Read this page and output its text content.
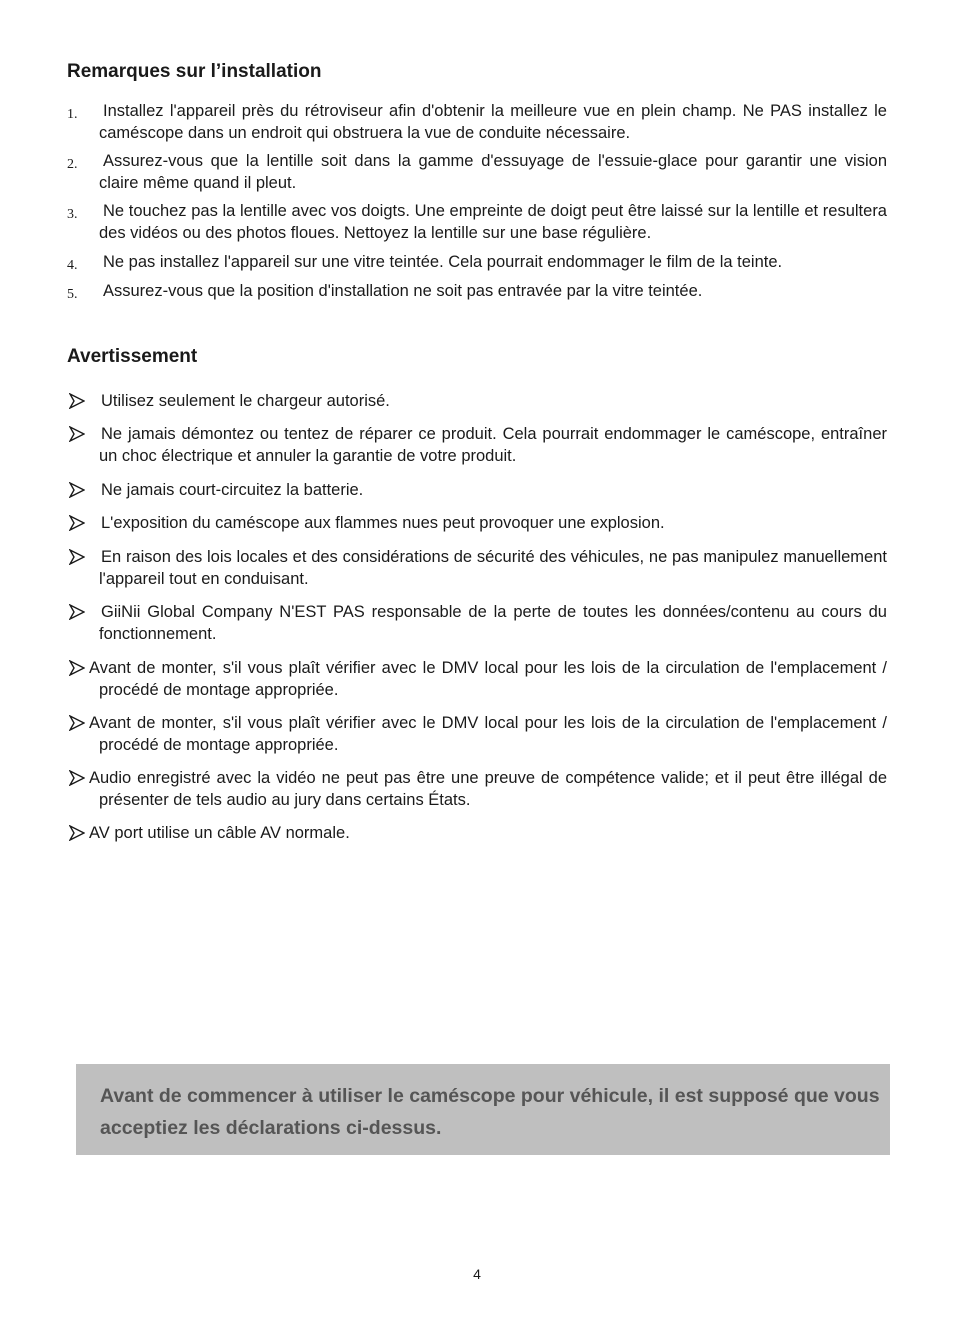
Remarques sur l’installation
1.	Installez l'appareil près du rétroviseur afin d'obtenir la meilleure vue en plein champ. Ne PAS installez le caméscope dans un endroit qui obstruera la vue de conduite nécessaire.
2.	Assurez-vous que la lentille soit dans la gamme d'essuyage de l'essuie-glace pour garantir une vision claire même quand il pleut.
3.	Ne touchez pas la lentille avec vos doigts. Une empreinte de doigt peut être laissé sur la lentille et resultera des vidéos ou des photos floues. Nettoyez la lentille sur une base régulière.
4.	Ne pas installez l'appareil sur une vitre teintée. Cela pourrait endommager le film de la teinte.
5.	Assurez-vous que la position d'installation ne soit pas entravée par la vitre teintée.
Avertissement
Utilisez seulement le chargeur autorisé.
Ne jamais démontez ou tentez de réparer ce produit. Cela pourrait endommager le caméscope, entraîner un choc électrique et annuler la garantie de votre produit.
Ne jamais court-circuitez la batterie.
L'exposition du caméscope aux flammes nues peut provoquer une explosion.
En raison des lois locales et des considérations de sécurité des véhicules, ne pas manipulez manuellement l'appareil tout en conduisant.
GiiNii Global Company N'EST PAS responsable de la perte de toutes les données/contenu au cours du fonctionnement.
Avant de monter, s'il vous plaît vérifier avec le DMV local pour les lois de la circulation de l'emplacement / procédé de montage appropriée.
Avant de monter, s'il vous plaît vérifier avec le DMV local pour les lois de la circulation de l'emplacement / procédé de montage appropriée.
Audio enregistré avec la vidéo ne peut pas être une preuve de compétence valide; et il peut être illégal de présenter de tels audio au jury dans certains États.
AV port utilise un câble AV normale.
Avant de commencer à utiliser le caméscope pour véhicule, il est supposé que vous acceptiez les déclarations ci-dessus.
4
